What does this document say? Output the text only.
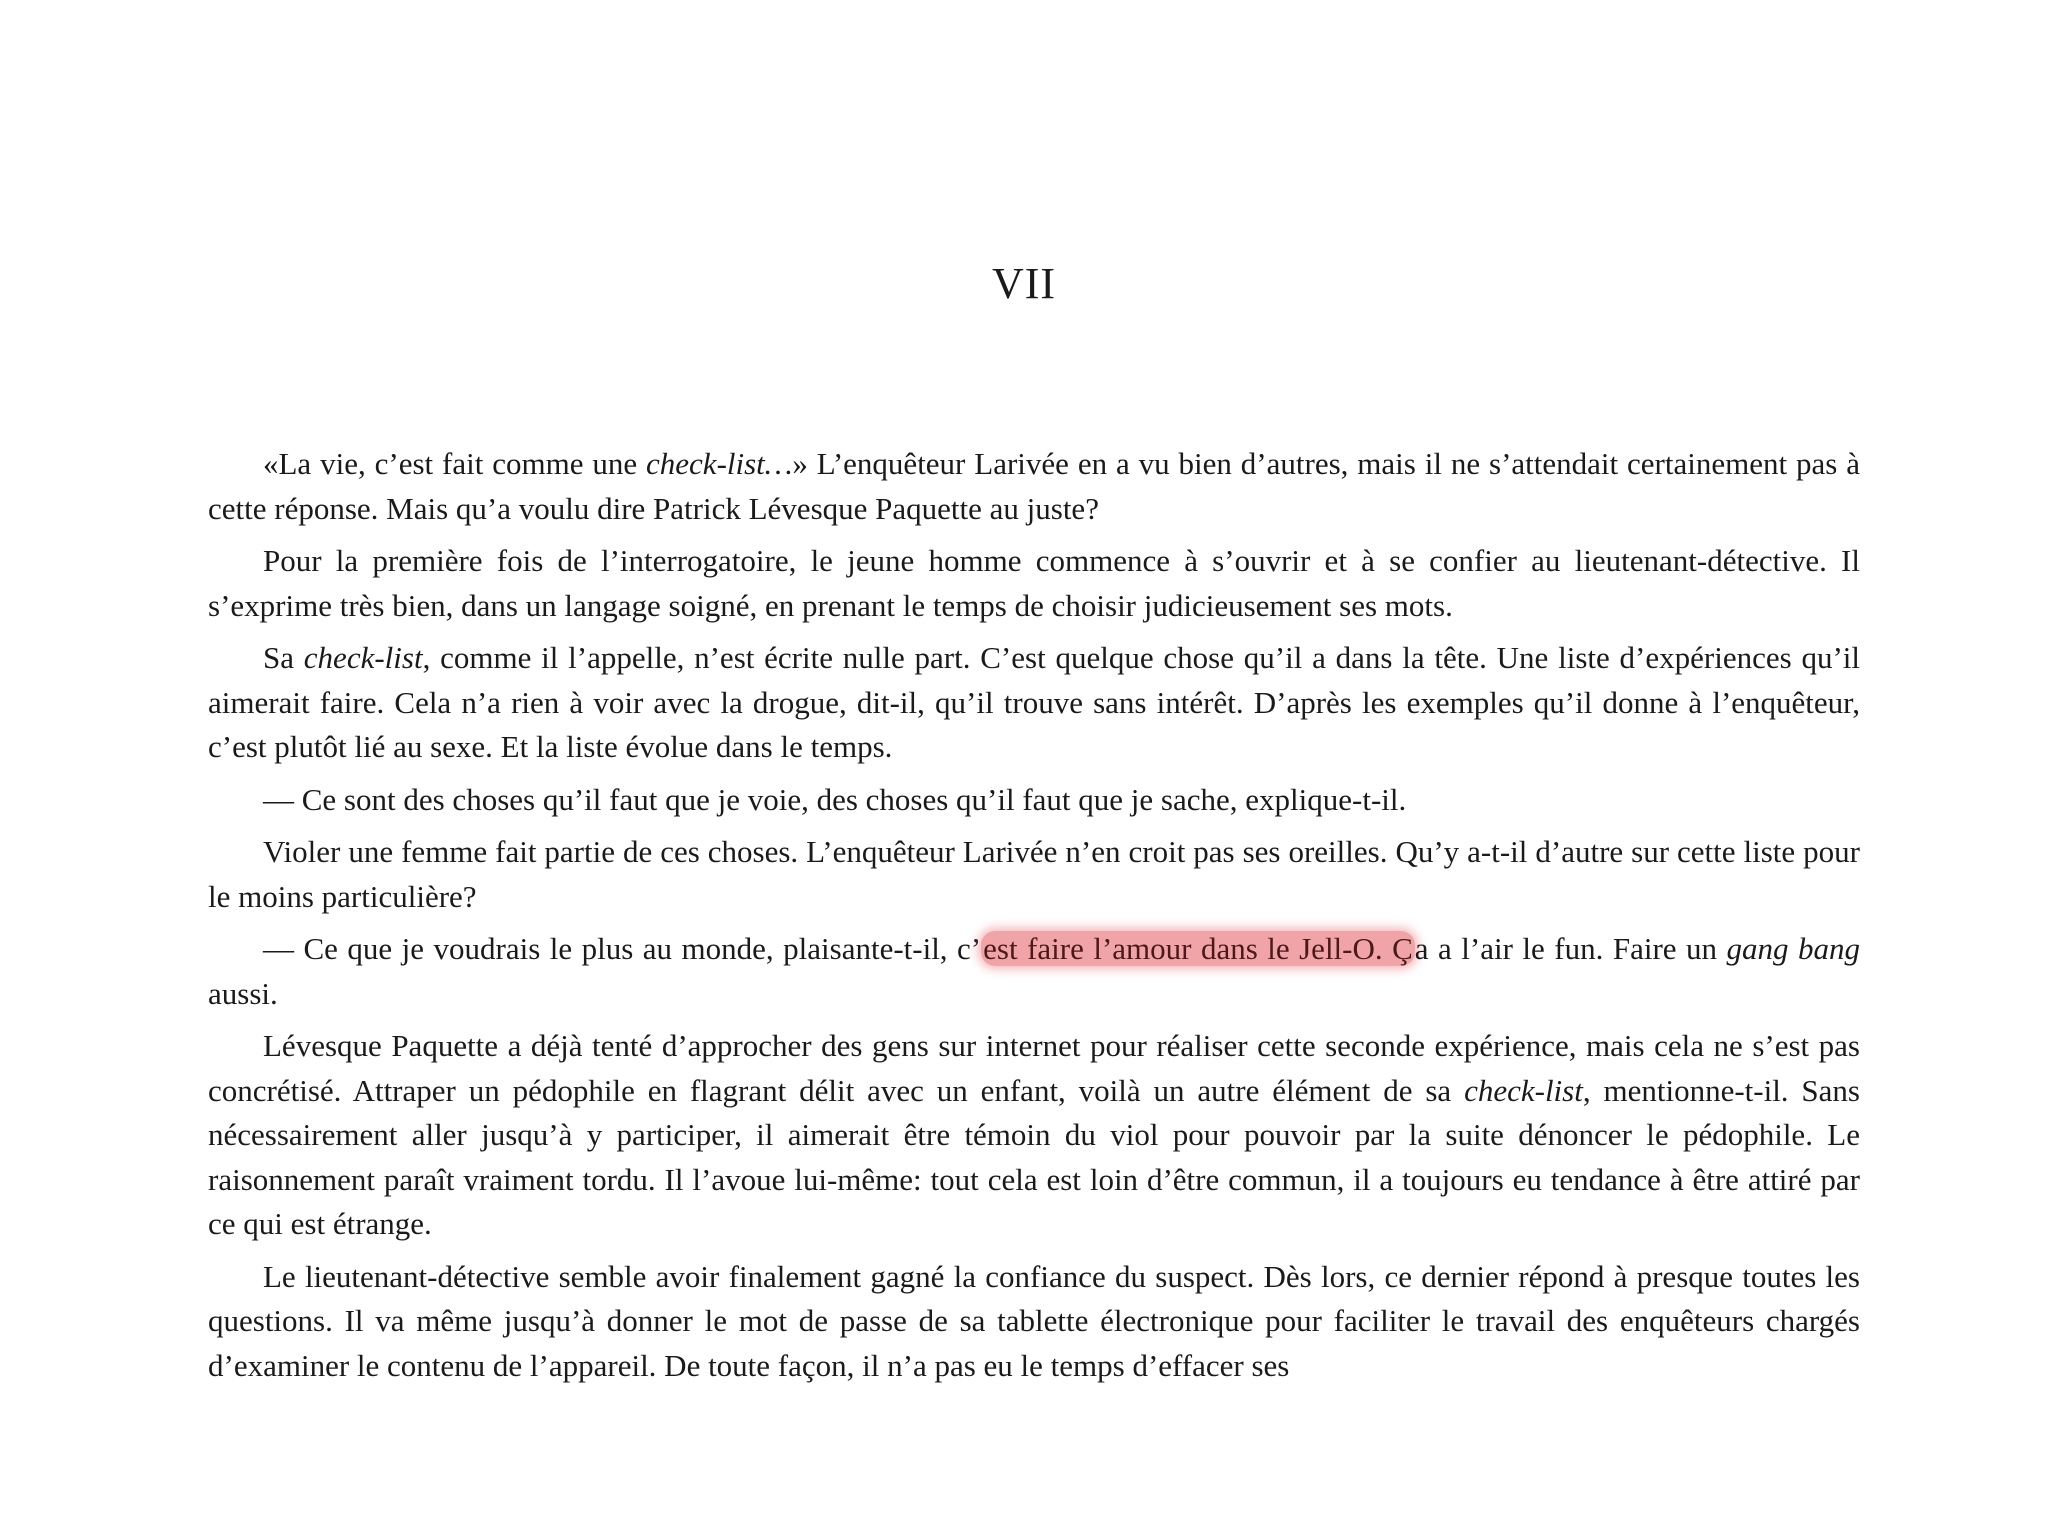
VII

«La vie, c’est fait comme une check-list…» L’enquêteur Larivée en a vu bien d’autres, mais il ne s’attendait certainement pas à cette réponse. Mais qu’a voulu dire Patrick Lévesque Paquette au juste?

Pour la première fois de l’interrogatoire, le jeune homme commence à s’ouvrir et à se confier au lieutenant-détective. Il s’exprime très bien, dans un langage soigné, en prenant le temps de choisir judicieusement ses mots.

Sa check-list, comme il l’appelle, n’est écrite nulle part. C’est quelque chose qu’il a dans la tête. Une liste d’expériences qu’il aimerait faire. Cela n’a rien à voir avec la drogue, dit-il, qu’il trouve sans intérêt. D’après les exemples qu’il donne à l’enquêteur, c’est plutôt lié au sexe. Et la liste évolue dans le temps.

— Ce sont des choses qu’il faut que je voie, des choses qu’il faut que je sache, explique-t-il.

Violer une femme fait partie de ces choses. L’enquêteur Larivée n’en croit pas ses oreilles. Qu’y a-t-il d’autre sur cette liste pour le moins particulière?

— Ce que je voudrais le plus au monde, plaisante-t-il, c’est faire l’amour dans le Jell-O. Ça a l’air le fun. Faire un gang bang aussi.

Lévesque Paquette a déjà tenté d’approcher des gens sur internet pour réaliser cette seconde expérience, mais cela ne s’est pas concrétisé. Attraper un pédophile en flagrant délit avec un enfant, voilà un autre élément de sa check-list, mentionne-t-il. Sans nécessairement aller jusqu’à y participer, il aimerait être témoin du viol pour pouvoir par la suite dénoncer le pédophile. Le raisonnement paraît vraiment tordu. Il l’avoue lui-même: tout cela est loin d’être commun, il a toujours eu tendance à être attiré par ce qui est étrange.

Le lieutenant-détective semble avoir finalement gagné la confiance du suspect. Dès lors, ce dernier répond à presque toutes les questions. Il va même jusqu’à donner le mot de passe de sa tablette électronique pour faciliter le travail des enquêteurs chargés d’examiner le contenu de l’appareil. De toute façon, il n’a pas eu le temps d’effacer ses
